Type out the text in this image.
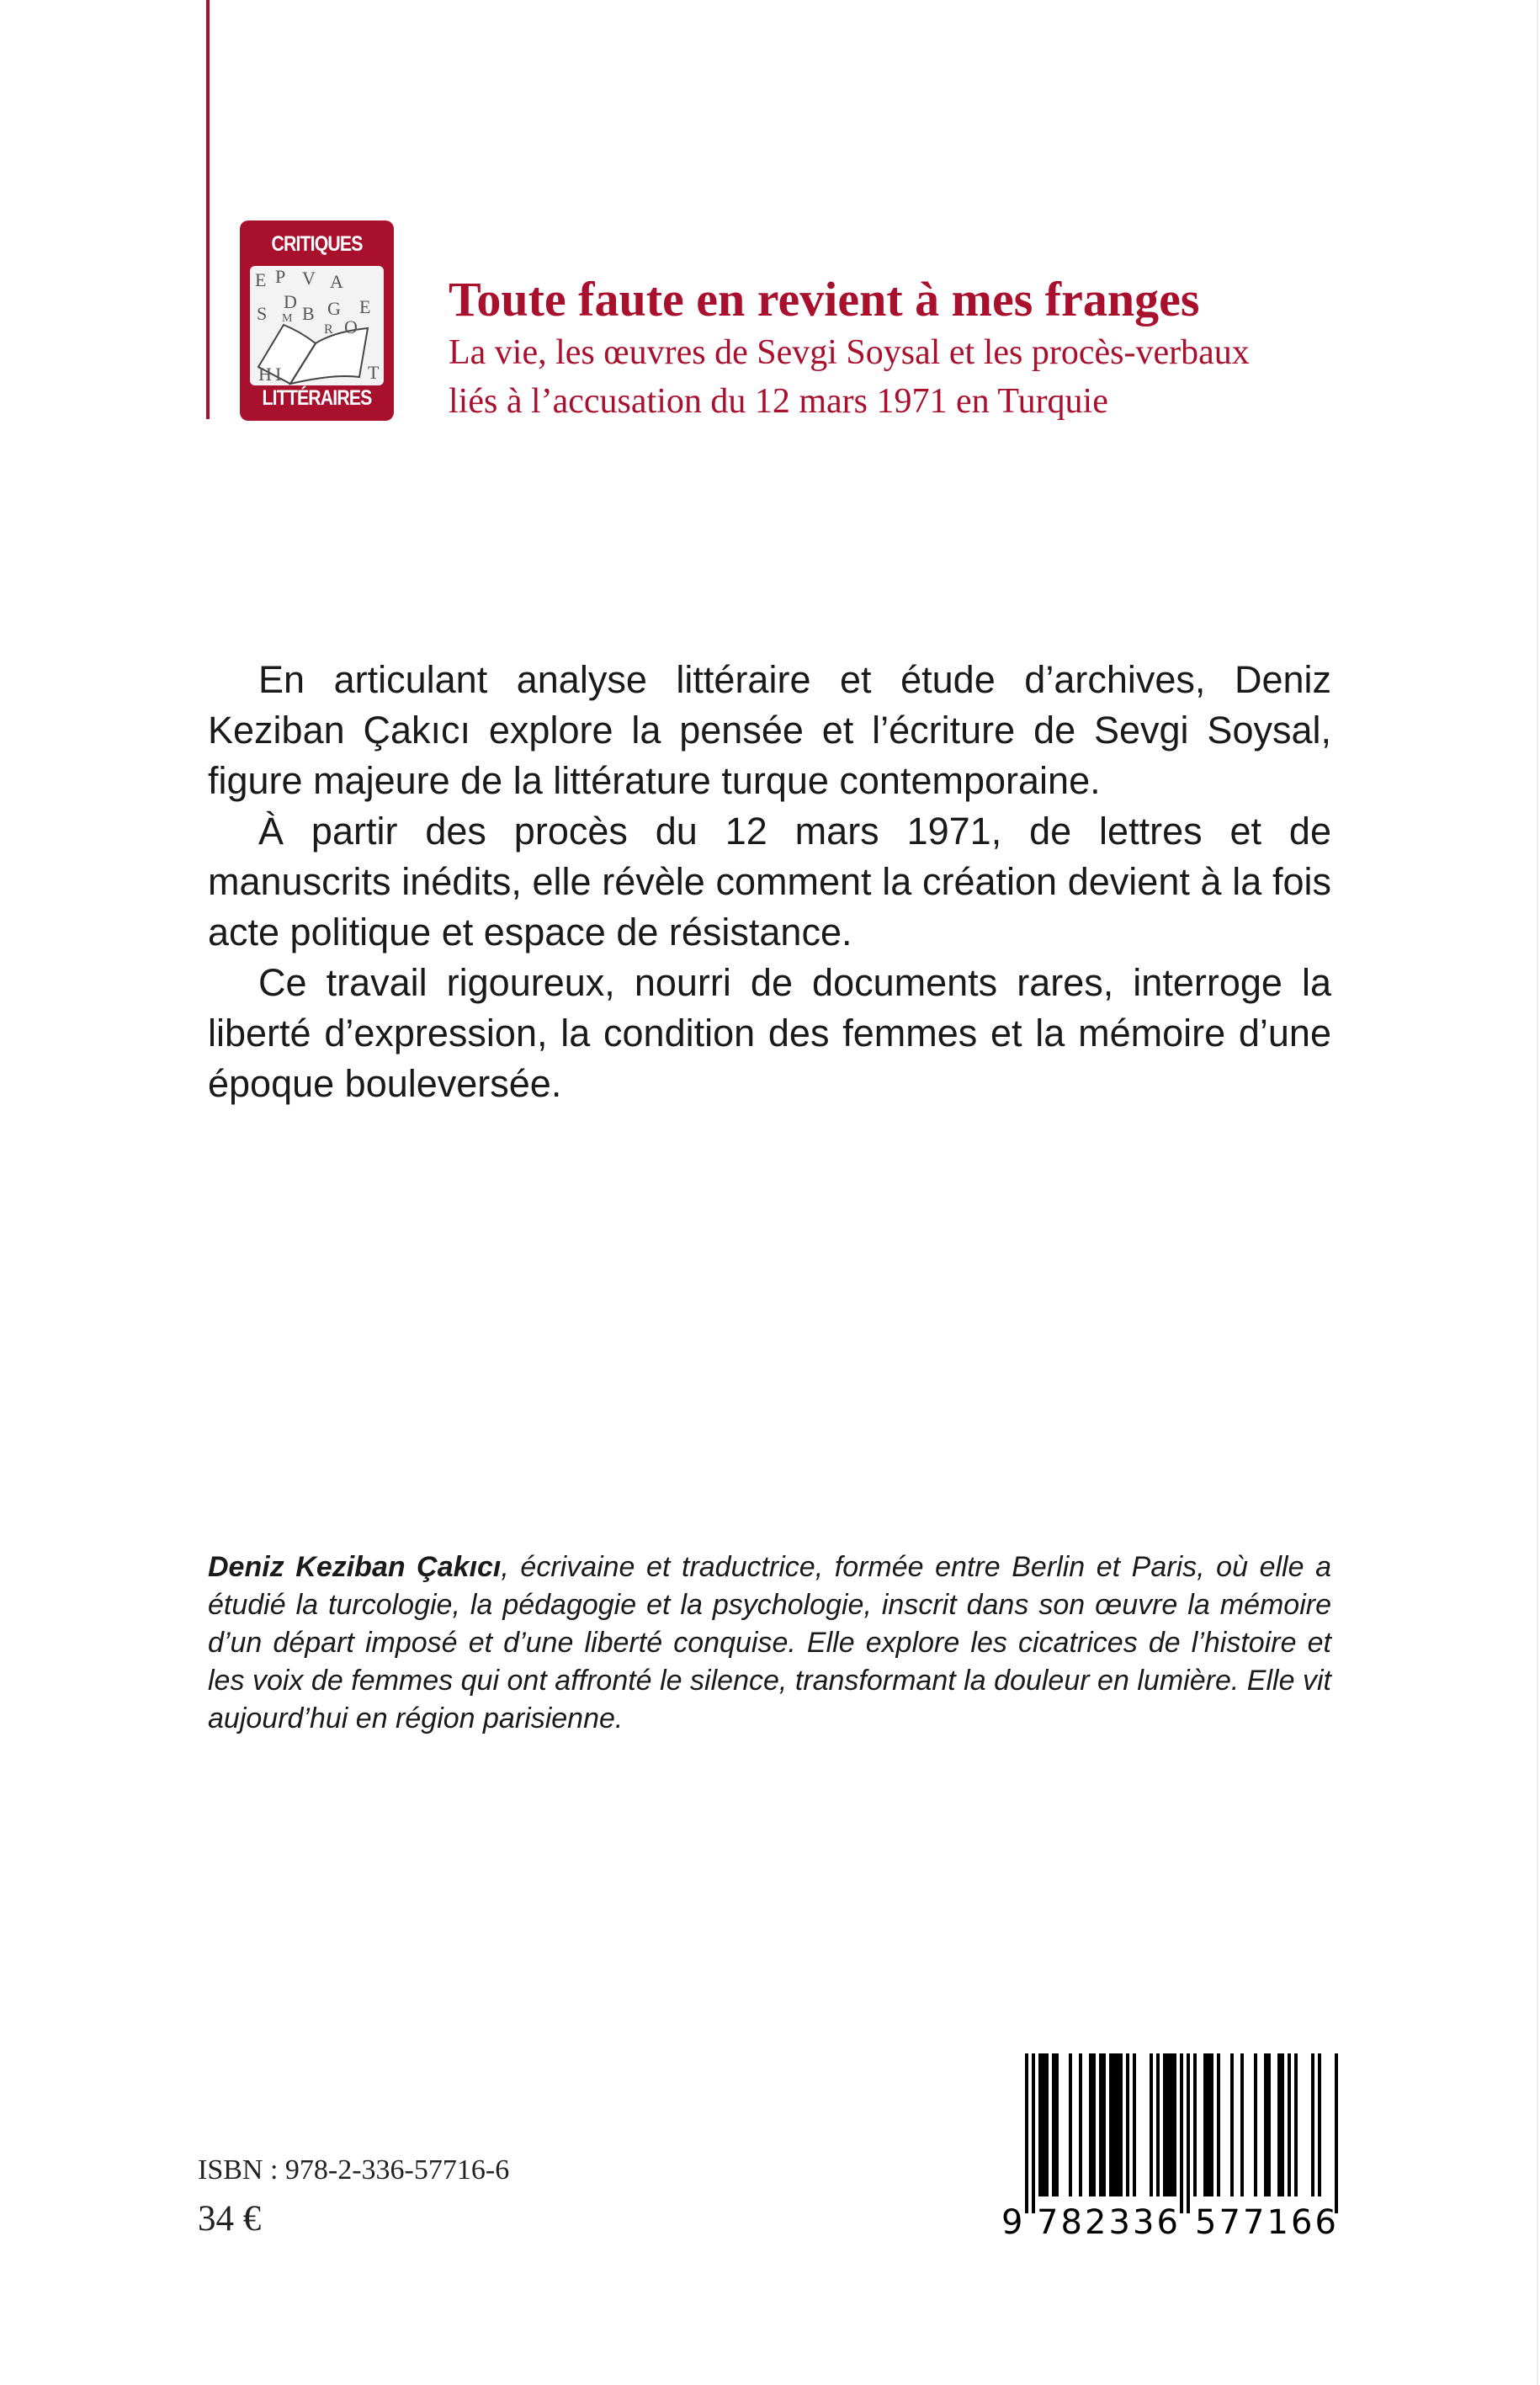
CRITIQUES
E P V A
D
S M B G E
R O
H I	T
LITTÉRAIRES
Toute faute en revient à mes franges
La vie, les œuvres de Sevgi Soysal et les procès-verbaux
liés à l’accusation du 12 mars 1971 en Turquie

En articulant analyse littéraire et étude d’archives, Deniz Keziban Çakıcı explore la pensée et l’écriture de Sevgi Soysal, figure majeure de la littérature turque contemporaine.

À partir des procès du 12 mars 1971, de lettres et de manuscrits inédits, elle révèle comment la création devient à la fois acte politique et espace de résistance.

Ce travail rigoureux, nourri de documents rares, interroge la liberté d’expression, la condition des femmes et la mémoire d’une époque bouleversée.

Deniz Keziban Çakıcı, écrivaine et traductrice, formée entre Berlin et Paris, où elle a étudié la turcologie, la pédagogie et la psychologie, inscrit dans son œuvre la mémoire d’un départ imposé et d’une liberté conquise. Elle explore les cicatrices de l’histoire et les voix de femmes qui ont affronté le silence, transformant la douleur en lumière. Elle vit aujourd’hui en région parisienne.
ISBN : 978-2-336-57716-6
34 €	9 782336 577166
